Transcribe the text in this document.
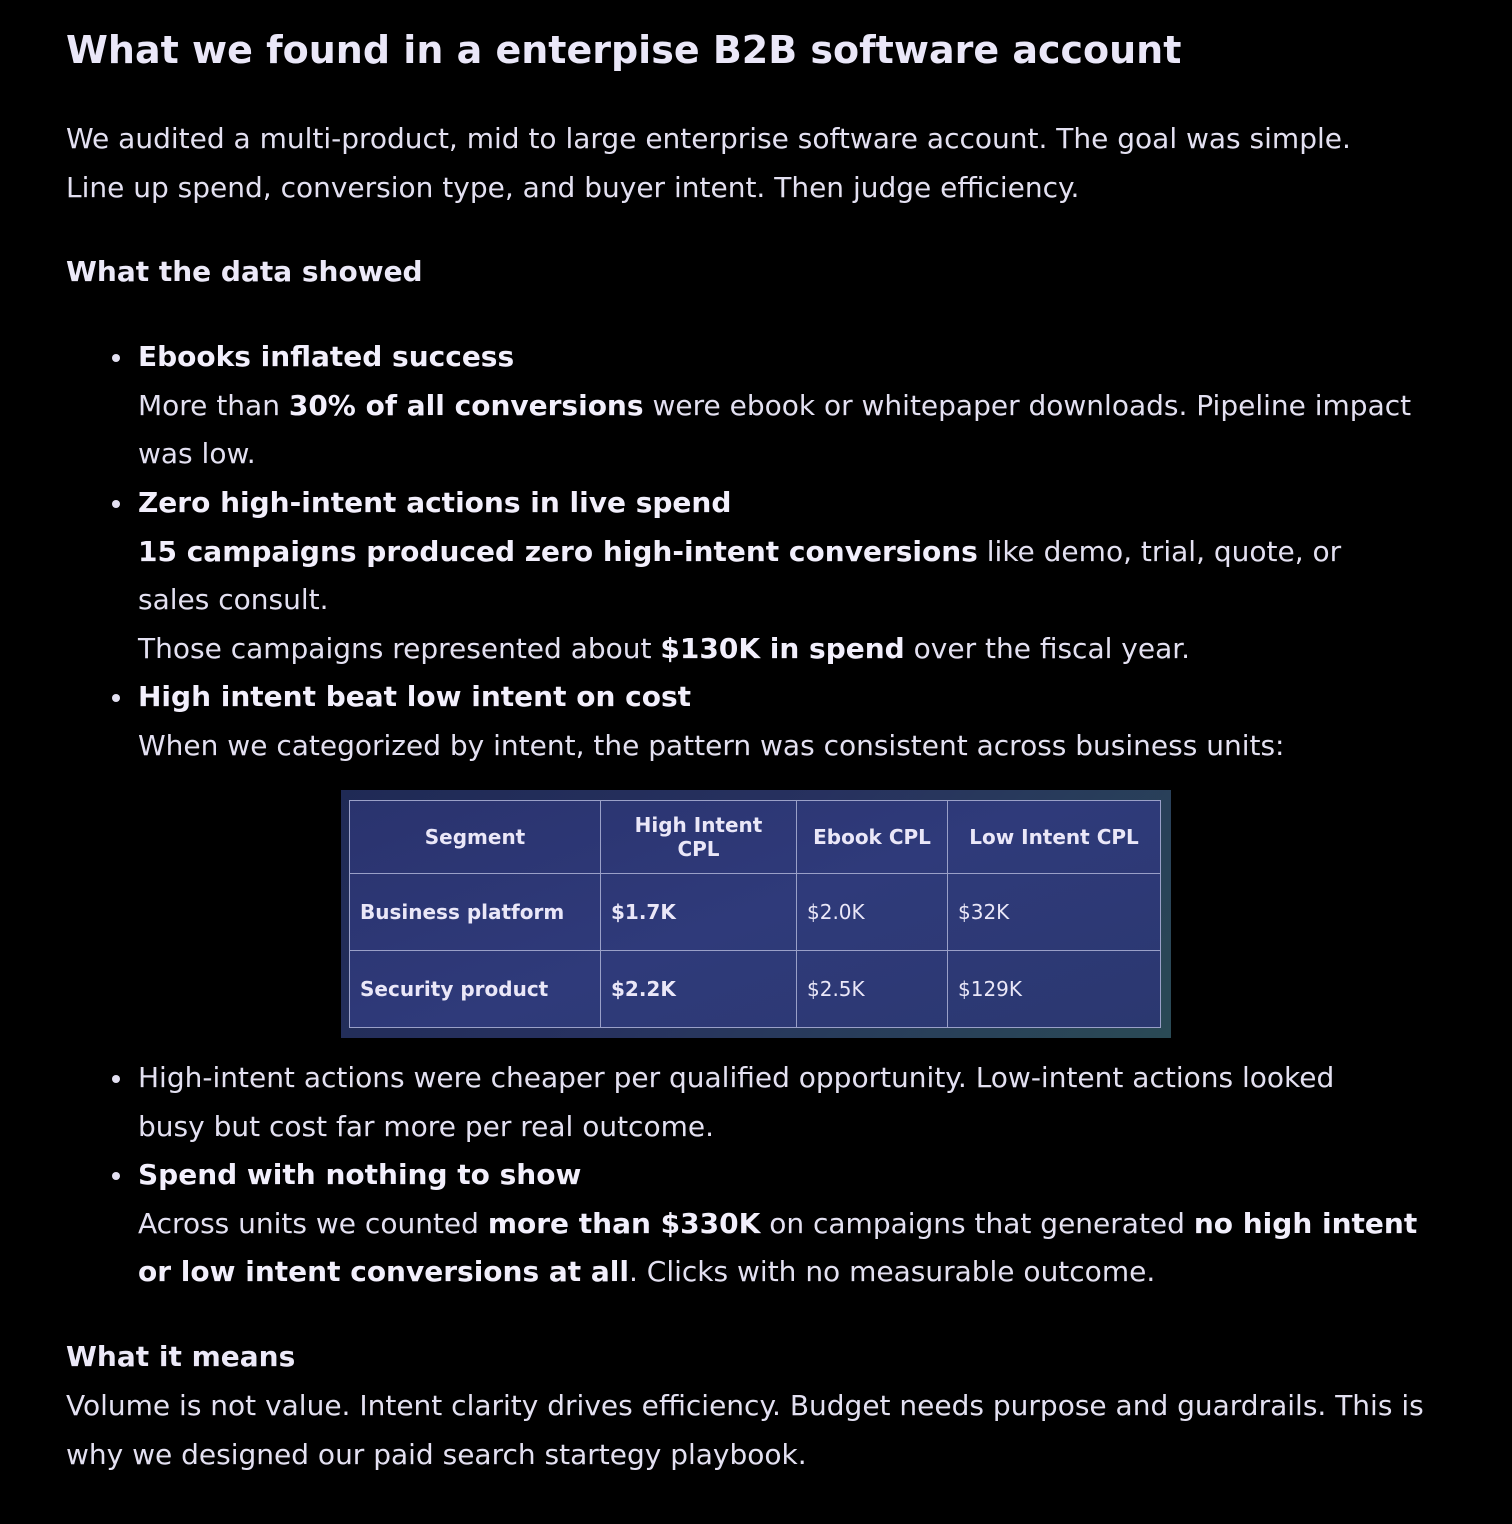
What we found in a enterpise B2B software account

We audited a multi-product, mid to large enterprise software account. The goal was simple.
Line up spend, conversion type, and buyer intent. Then judge efficiency.

What the data showed

Ebooks inflated success
More than 30% of all conversions were ebook or whitepaper downloads. Pipeline impact was low.

Zero high-intent actions in live spend
15 campaigns produced zero high-intent conversions like demo, trial, quote, or sales consult.
Those campaigns represented about $130K in spend over the fiscal year.

High intent beat low intent on cost
When we categorized by intent, the pattern was consistent across business units:

Segment	High Intent CPL	Ebook CPL	Low Intent CPL
Business platform	$1.7K	$2.0K	$32K
Security product	$2.2K	$2.5K	$129K

High-intent actions were cheaper per qualified opportunity. Low-intent actions looked busy but cost far more per real outcome.

Spend with nothing to show
Across units we counted more than $330K on campaigns that generated no high intent or low intent conversions at all. Clicks with no measurable outcome.

What it means

Volume is not value. Intent clarity drives efficiency. Budget needs purpose and guardrails. This is why we designed our paid search startegy playbook.
